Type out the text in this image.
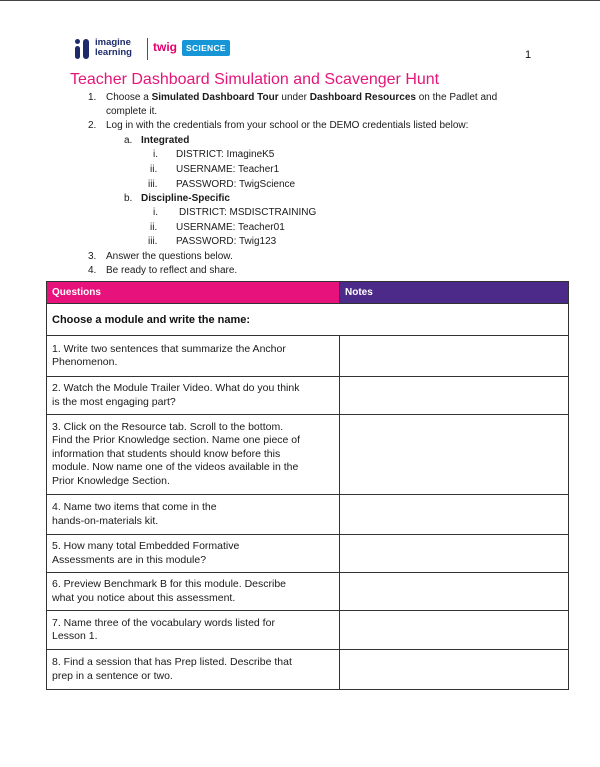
imagine
learning twig	SCIENCE
1
Teacher Dashboard Simulation and Scavenger Hunt
1. Choose a Simulated Dashboard Tour under Dashboard Resources on the Padlet and
complete it.
2. Log in with the credentials from your school or the DEMO credentials listed below:
a. Integrated
i. DISTRICT: ImagineK5
ii. USERNAME: Teacher1
iii. PASSWORD: TwigScience
b. Discipline-Specific
i. DISTRICT: MSDISCTRAINING
ii. USERNAME: Teacher01
iii. PASSWORD: Twig123
3. Answer the questions below.
4. Be ready to reflect and share.
Questions	Notes
Choose a module and write the name:	

1. Write two sentences that summarize the Anchor
Phenomenon.	

2. Watch the Module Trailer Video. What do you think
is the most engaging part?	

3. Click on the Resource tab. Scroll to the bottom.
Find the Prior Knowledge section. Name one piece of
information that students should know before this
module. Now name one of the videos available in the
Prior Knowledge Section.	

4. Name two items that come in the
hands-on-materials kit.	

5. How many total Embedded Formative
Assessments are in this module?	

6. Preview Benchmark B for this module. Describe
what you notice about this assessment.	

7. Name three of the vocabulary words listed for
Lesson 1.	

8. Find a session that has Prep listed. Describe that
prep in a sentence or two.	
